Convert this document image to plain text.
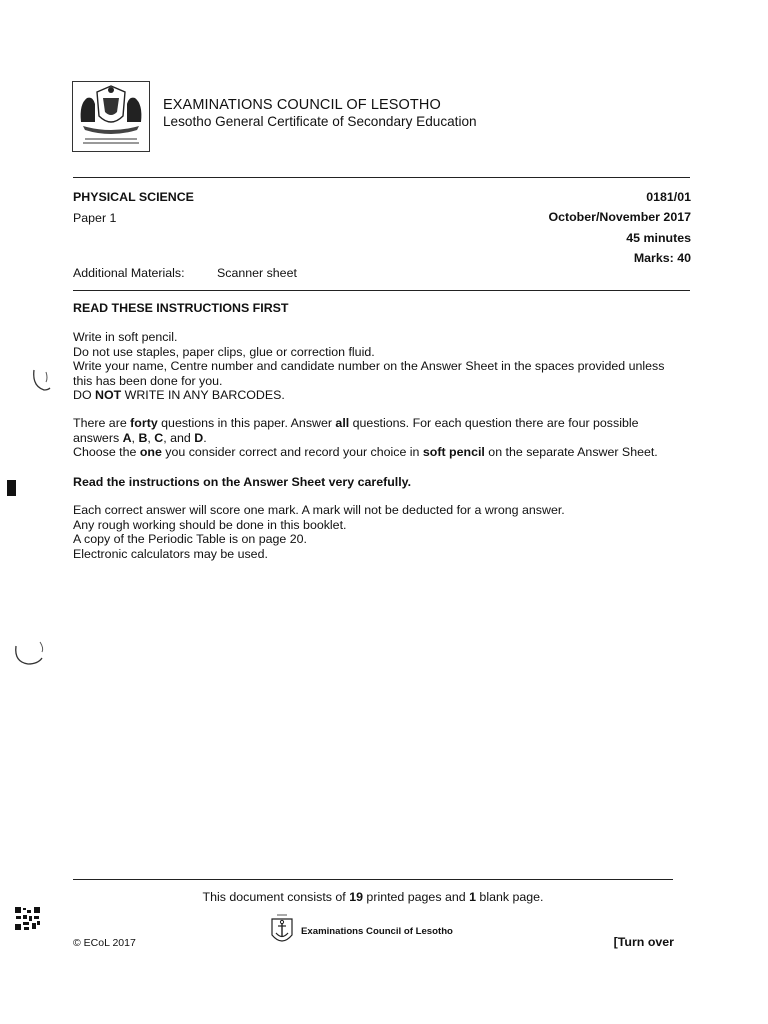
EXAMINATIONS COUNCIL OF LESOTHO
Lesotho General Certificate of Secondary Education
PHYSICAL SCIENCE
Paper 1
0181/01
October/November 2017
45 minutes
Marks: 40
Additional Materials:	Scanner sheet
READ THESE INSTRUCTIONS FIRST

Write in soft pencil.

Do not use staples, paper clips, glue or correction fluid.

Write your name, Centre number and candidate number on the Answer Sheet in the spaces provided unless

this has been done for you.

DO NOT WRITE IN ANY BARCODES.

There are forty questions in this paper. Answer all questions. For each question there are four possible

answers A, B, C, and D.

Choose the one you consider correct and record your choice in soft pencil on the separate Answer Sheet.

Read the instructions on the Answer Sheet very carefully.

Each correct answer will score one mark. A mark will not be deducted for a wrong answer.

Any rough working should be done in this booklet.

A copy of the Periodic Table is on page 20.

Electronic calculators may be used.

This document consists of 19 printed pages and 1 blank page.
© ECoL 2017
Examinations Council of Lesotho
[Turn over
